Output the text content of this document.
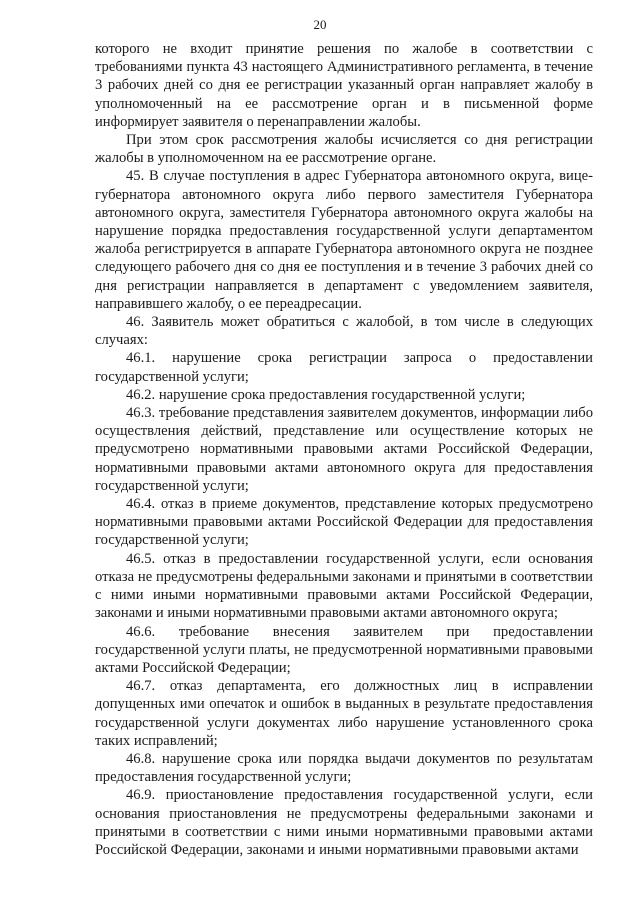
20

которого не входит принятие решения по жалобе в соответствии с требованиями пункта 43 настоящего Административного регламента, в течение 3 рабочих дней со дня ее регистрации указанный орган направляет жалобу в уполномоченный на ее рассмотрение орган и в письменной форме информирует заявителя о перенаправлении жалобы.

При этом срок рассмотрения жалобы исчисляется со дня регистрации жалобы в уполномоченном на ее рассмотрение органе.

45. В случае поступления в адрес Губернатора автономного округа, вице-губернатора автономного округа либо первого заместителя Губернатора автономного округа, заместителя Губернатора автономного округа жалобы на нарушение порядка предоставления государственной услуги департаментом жалоба регистрируется в аппарате Губернатора автономного округа не позднее следующего рабочего дня со дня ее поступления и в течение 3 рабочих дней со дня регистрации направляется в департамент с уведомлением заявителя, направившего жалобу, о ее переадресации.

46. Заявитель может обратиться с жалобой, в том числе в следующих случаях:

46.1. нарушение срока регистрации запроса о предоставлении государственной услуги;

46.2. нарушение срока предоставления государственной услуги;

46.3. требование представления заявителем документов, информации либо осуществления действий, представление или осуществление которых не предусмотрено нормативными правовыми актами Российской Федерации, нормативными правовыми актами автономного округа для предоставления государственной услуги;

46.4. отказ в приеме документов, представление которых предусмотрено нормативными правовыми актами Российской Федерации для предоставления государственной услуги;

46.5. отказ в предоставлении государственной услуги, если основания отказа не предусмотрены федеральными законами и принятыми в соответствии с ними иными нормативными правовыми актами Российской Федерации, законами и иными нормативными правовыми актами автономного округа;

46.6. требование внесения заявителем при предоставлении государственной услуги платы, не предусмотренной нормативными правовыми актами Российской Федерации;

46.7. отказ департамента, его должностных лиц в исправлении допущенных ими опечаток и ошибок в выданных в результате предоставления государственной услуги документах либо нарушение установленного срока таких исправлений;

46.8. нарушение срока или порядка выдачи документов по результатам предоставления государственной услуги;

46.9. приостановление предоставления государственной услуги, если основания приостановления не предусмотрены федеральными законами и принятыми в соответствии с ними иными нормативными правовыми актами Российской Федерации, законами и иными нормативными правовыми актами
